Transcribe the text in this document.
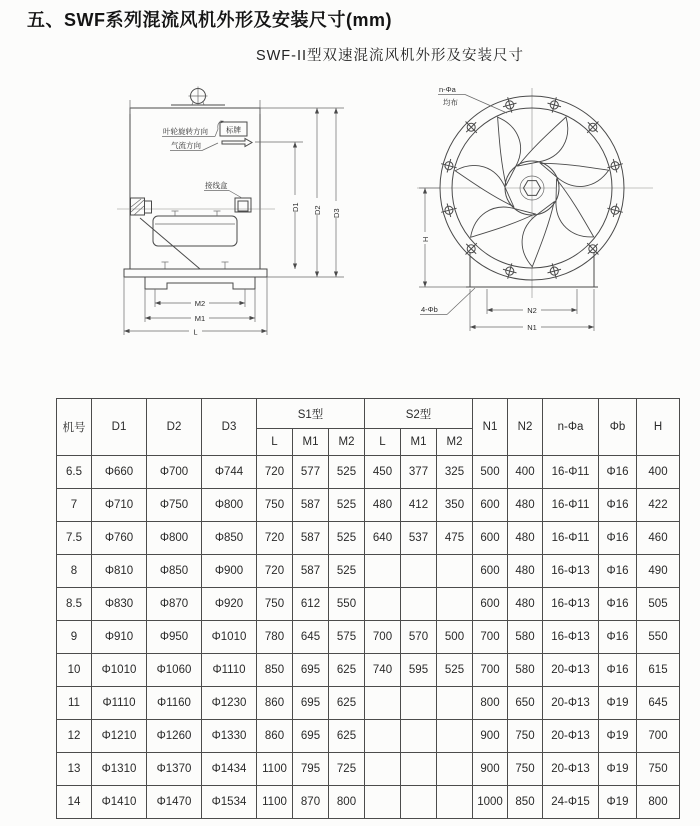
五、SWF系列混流风机外形及安装尺寸(mm)
SWF-II型双速混流风机外形及安装尺寸
叶轮旋转方向 标牌
气流方向
接线盒
M2
M1
L
D1 D2 D3
n-Φa
均布
4-Φb
H
N2
N1
机号	D1	D2	D3	S1型			S2型			N1	N2	n-Φa	Φb	H
				L	M1	M2	L	M1	M2					
6.5	Φ660	Φ700	Φ744	720	577	525	450	377	325	500	400	16-Φ11	Φ16	400
7	Φ710	Φ750	Φ800	750	587	525	480	412	350	600	480	16-Φ11	Φ16	422
7.5	Φ760	Φ800	Φ850	720	587	525	640	537	475	600	480	16-Φ11	Φ16	460
8	Φ810	Φ850	Φ900	720	587	525				600	480	16-Φ13	Φ16	490
8.5	Φ830	Φ870	Φ920	750	612	550				600	480	16-Φ13	Φ16	505
9	Φ910	Φ950	Φ1010	780	645	575	700	570	500	700	580	16-Φ13	Φ16	550
10	Φ1010	Φ1060	Φ1110	850	695	625	740	595	525	700	580	20-Φ13	Φ16	615
11	Φ1110	Φ1160	Φ1230	860	695	625				800	650	20-Φ13	Φ19	645
12	Φ1210	Φ1260	Φ1330	860	695	625				900	750	20-Φ13	Φ19	700
13	Φ1310	Φ1370	Φ1434	1100	795	725				900	750	20-Φ13	Φ19	750
14	Φ1410	Φ1470	Φ1534	1100	870	800				1000	850	24-Φ15	Φ19	800
